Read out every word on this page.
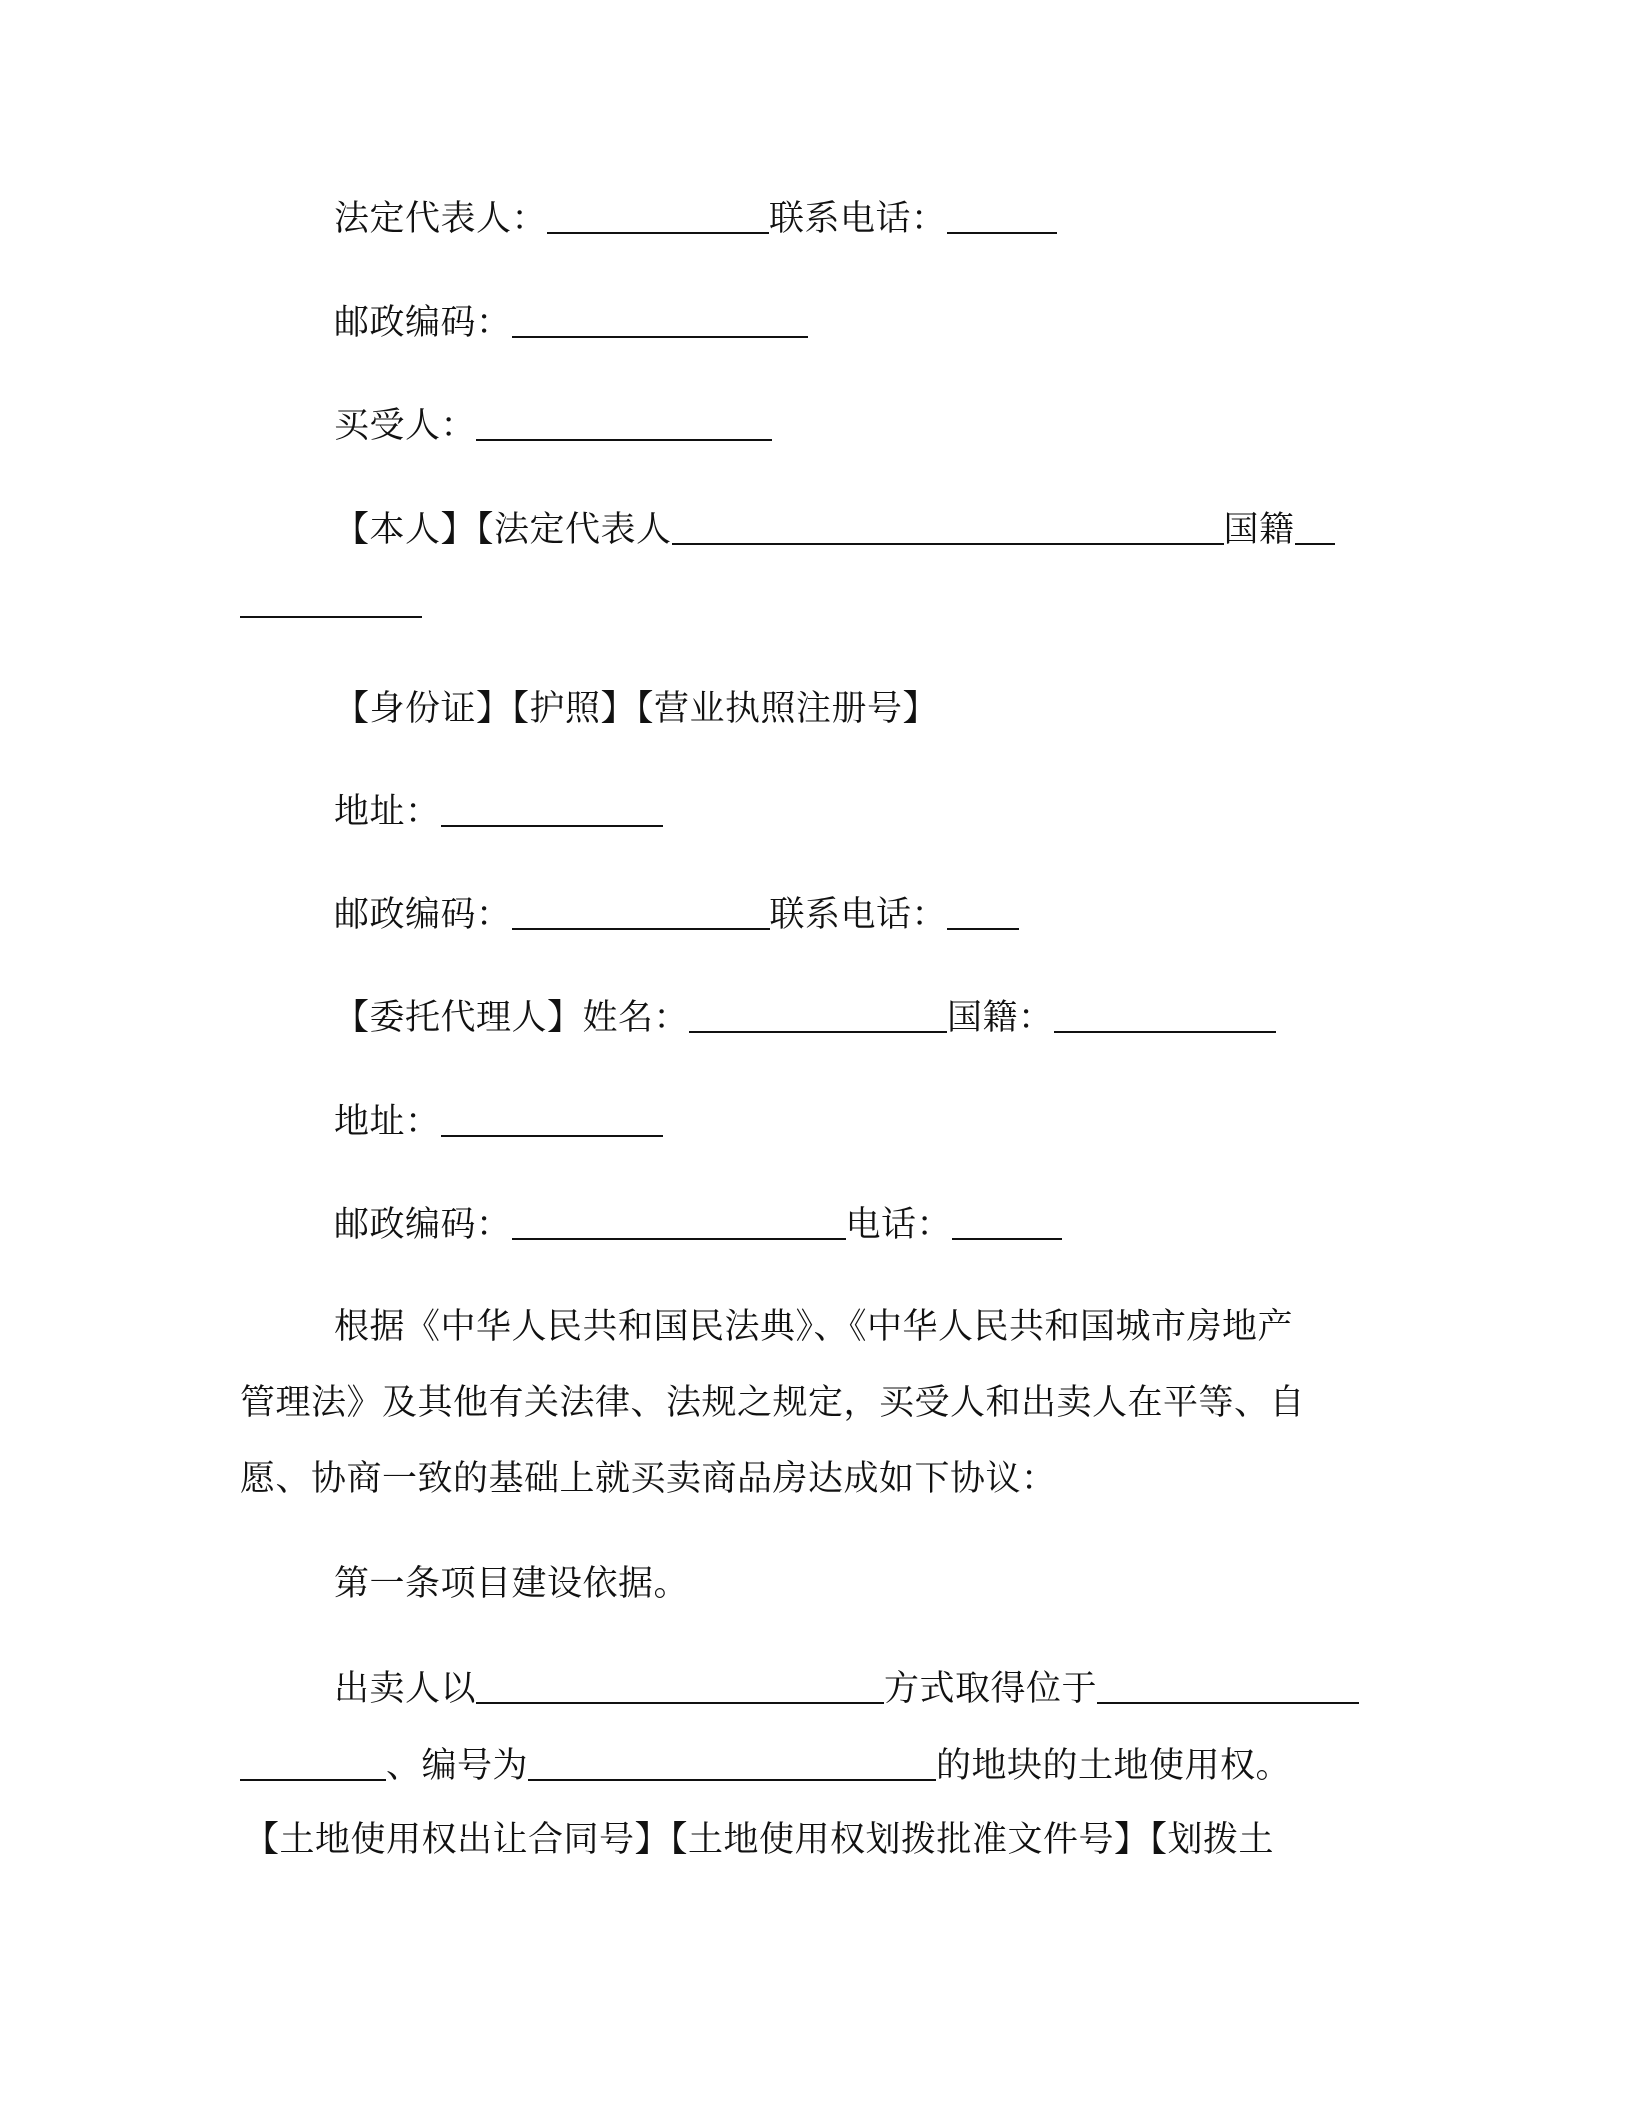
法定代表人：	联系电话：
邮政编码：
买受人：
【本人】【法定代表人	国籍
【身份证】【护照】【营业执照注册号】
地址：
邮政编码：	联系电话：
【委托代理人】姓名：	国籍：
地址：
邮政编码：	电话：
根据《中华人民共和国民法典》、《中华人民共和国城市房地产
管理法》及其他有关法律、法规之规定，买受人和出卖人在平等、自
愿、协商一致的基础上就买卖商品房达成如下协议：
第一条项目建设依据。
出卖人以	方式取得位于
、编号为	的地块的土地使用权。
【土地使用权出让合同号】【土地使用权划拨批准文件号】【划拨土
